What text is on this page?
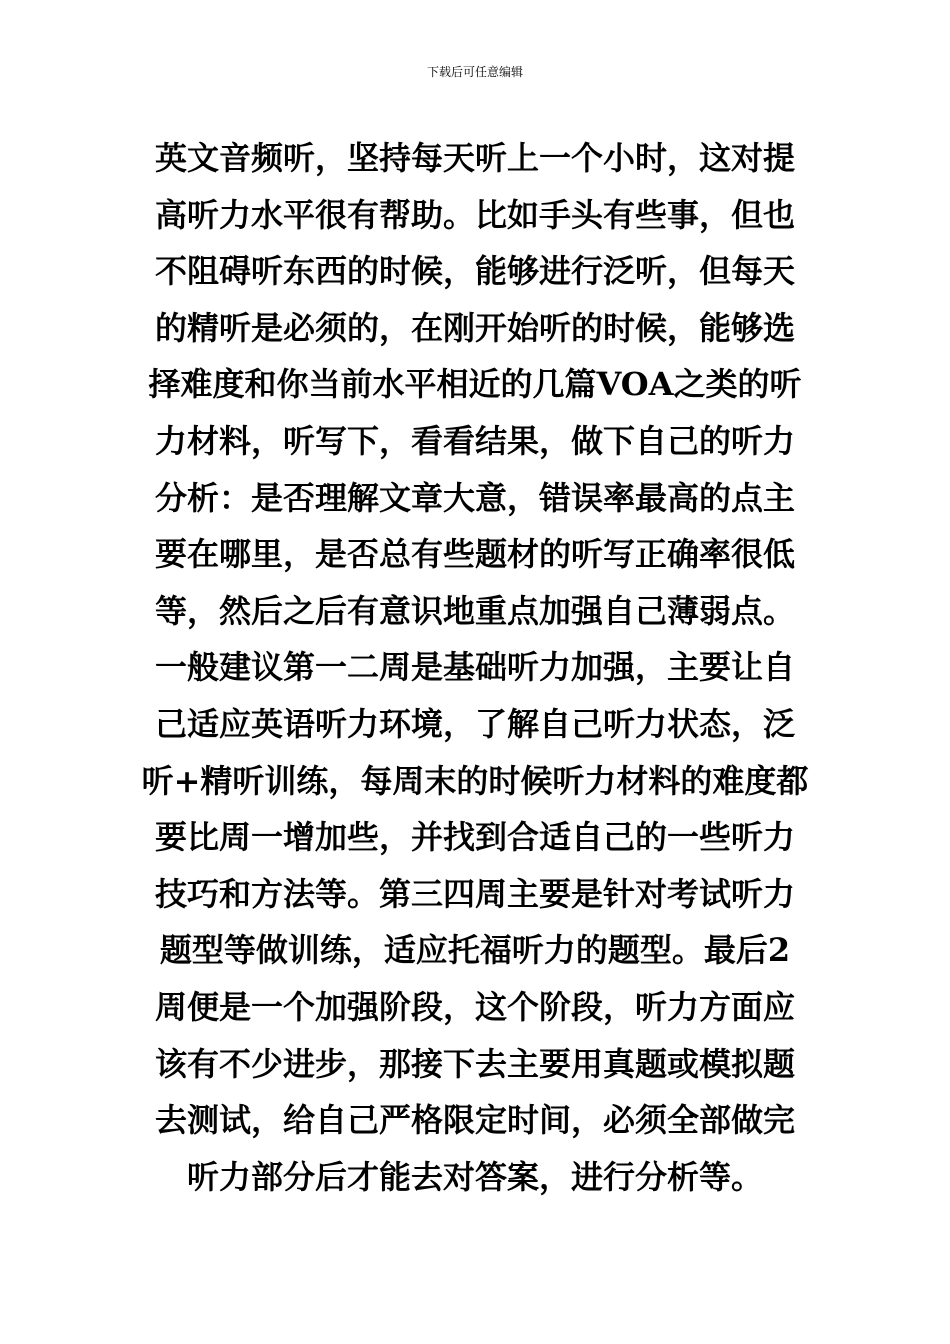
下载后可任意编辑
英文音频听，坚持每天听上一个小时，这对提
高听力水平很有帮助。比如手头有些事，但也
不阻碍听东西的时候，能够进行泛听，但每天
的精听是必须的，在刚开始听的时候，能够选
择难度和你当前水平相近的几篇VOA之类的听
力材料，听写下，看看结果，做下自己的听力
分析：是否理解文章大意，错误率最高的点主
要在哪里，是否总有些题材的听写正确率很低
等，然后之后有意识地重点加强自己薄弱点。
一般建议第一二周是基础听力加强，主要让自
己适应英语听力环境，了解自己听力状态，泛
听+精听训练，每周末的时候听力材料的难度都
要比周一增加些，并找到合适自己的一些听力
技巧和方法等。第三四周主要是针对考试听力
题型等做训练，适应托福听力的题型。最后2
周便是一个加强阶段，这个阶段，听力方面应
该有不少进步，那接下去主要用真题或模拟题
去测试，给自己严格限定时间，必须全部做完
听力部分后才能去对答案，进行分析等。
